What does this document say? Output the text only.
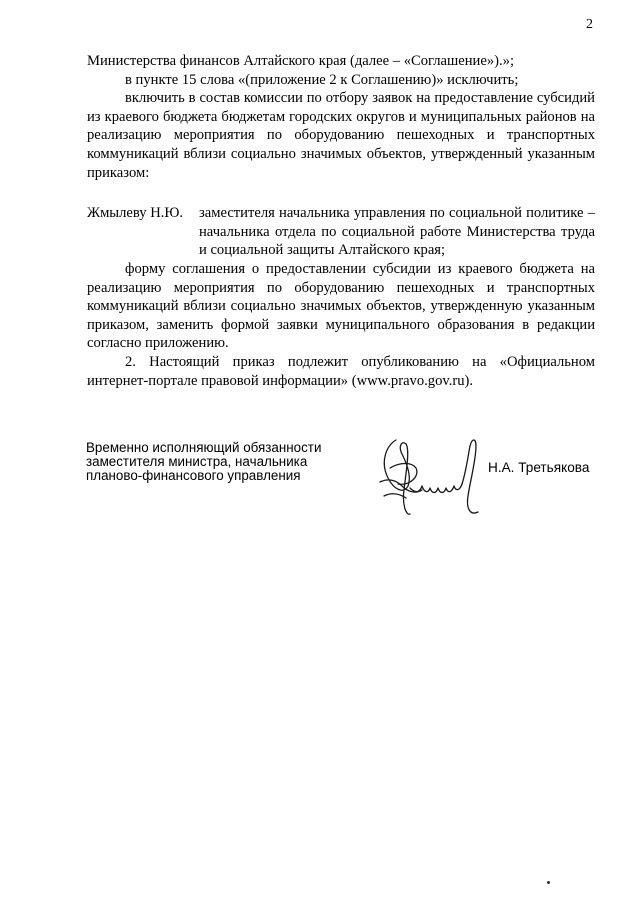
2

Министерства финансов Алтайского края (далее – «Соглашение»).»;

в пункте 15 слова «(приложение 2 к Соглашению)» исключить;

включить в состав комиссии по отбору заявок на предоставление субсидий из краевого бюджета бюджетам городских округов и муниципальных районов на реализацию мероприятия по оборудованию пешеходных и транспортных коммуникаций вблизи социально значимых объектов, утвержденный указанным приказом:

Жмылеву Н.Ю.	заместителя начальника управления по социальной политике – начальника отдела по социальной работе Министерства труда и социальной защиты Алтайского края;

форму соглашения о предоставлении субсидии из краевого бюджета на реализацию мероприятия по оборудованию пешеходных и транспортных коммуникаций вблизи социально значимых объектов, утвержденную указанным приказом, заменить формой заявки муниципального образования в редакции согласно приложению.

2. Настоящий приказ подлежит опубликованию на «Официальном интернет-портале правовой информации» (www.pravo.gov.ru).

Временно исполняющий обязанности
заместителя министра, начальника
планово-финансового управления
Н.А. Третьякова
